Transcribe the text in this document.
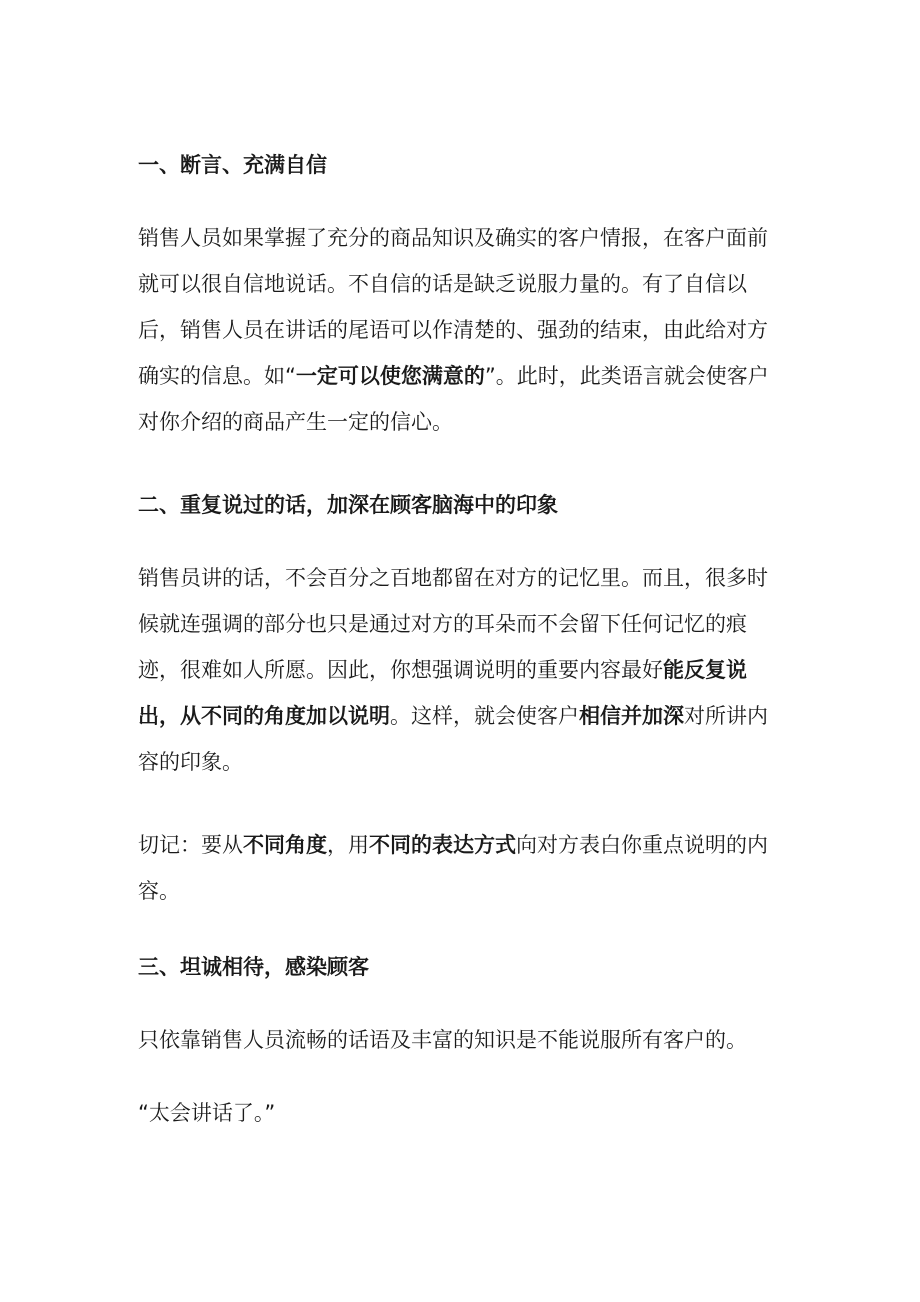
一、断言、充满自信

销售人员如果掌握了充分的商品知识及确实的客户情报，在客户面前就可以很自信地说话。不自信的话是缺乏说服力量的。有了自信以后，销售人员在讲话的尾语可以作清楚的、强劲的结束，由此给对方确实的信息。如“一定可以使您满意的”。此时，此类语言就会使客户对你介绍的商品产生一定的信心。

二、重复说过的话，加深在顾客脑海中的印象

销售员讲的话，不会百分之百地都留在对方的记忆里。而且，很多时候就连强调的部分也只是通过对方的耳朵而不会留下任何记忆的痕迹，很难如人所愿。因此，你想强调说明的重要内容最好能反复说出，从不同的角度加以说明。这样，就会使客户相信并加深对所讲内容的印象。

切记：要从不同角度，用不同的表达方式向对方表白你重点说明的内容。

三、坦诚相待，感染顾客

只依靠销售人员流畅的话语及丰富的知识是不能说服所有客户的。

“太会讲话了。”
